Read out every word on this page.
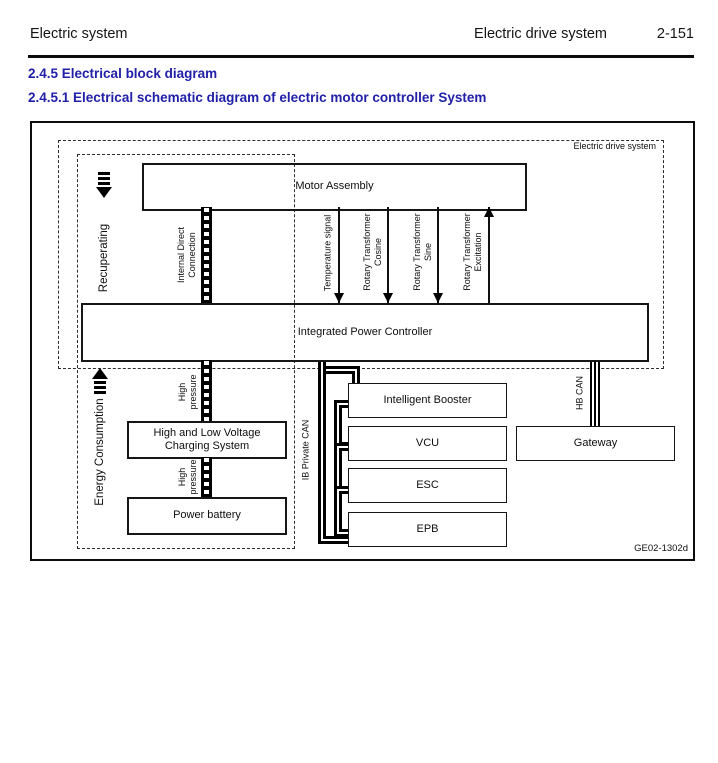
Electric system	Electric drive system	2-151
2.4.5 Electrical block diagram
2.4.5.1 Electrical schematic diagram of electric motor controller System
Electric drive system
Recuperating
Motor Assembly
Internal Direct Connection	Temperature signal	Rotary Transformer Cosine	Rotary Transformer Sine	Rotary Transformer Excitation
Integrated Power Controller
Energy Consumption
High pressure
High and Low Voltage
Charging System
High pressure
Power battery
IB Private CAN
Intelligent Booster
VCU
ESC
EPB
HB CAN
Gateway
GE02-1302d
